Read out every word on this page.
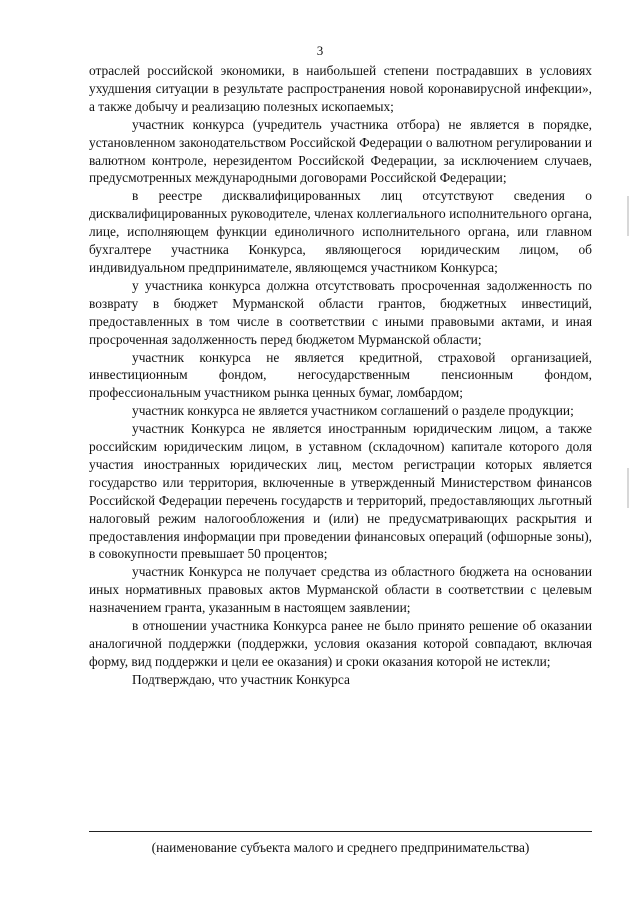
3

отраслей российской экономики, в наибольшей степени пострадавших в условиях ухудшения ситуации в результате распространения новой коронавирусной инфекции», а также добычу и реализацию полезных ископаемых;

участник конкурса (учредитель участника отбора) не является в порядке, установленном законодательством Российской Федерации о валютном регулировании и валютном контроле, нерезидентом Российской Федерации, за исключением случаев, предусмотренных международными договорами Российской Федерации;

в реестре дисквалифицированных лиц отсутствуют сведения о дисквалифицированных руководителе, членах коллегиального исполнительного органа, лице, исполняющем функции единоличного исполнительного органа, или главном бухгалтере участника Конкурса, являющегося юридическим лицом, об индивидуальном предпринимателе, являющемся участником Конкурса;

у участника конкурса должна отсутствовать просроченная задолженность по возврату в бюджет Мурманской области грантов, бюджетных инвестиций, предоставленных в том числе в соответствии с иными правовыми актами, и иная просроченная задолженность перед бюджетом Мурманской области;

участник конкурса не является кредитной, страховой организацией, инвестиционным фондом, негосударственным пенсионным фондом, профессиональным участником рынка ценных бумаг, ломбардом;

участник конкурса не является участником соглашений о разделе продукции;

участник Конкурса не является иностранным юридическим лицом, а также российским юридическим лицом, в уставном (складочном) капитале которого доля участия иностранных юридических лиц, местом регистрации которых является государство или территория, включенные в утвержденный Министерством финансов Российской Федерации перечень государств и территорий, предоставляющих льготный налоговый режим налогообложения и (или) не предусматривающих раскрытия и предоставления информации при проведении финансовых операций (офшорные зоны), в совокупности превышает 50 процентов;

участник Конкурса не получает средства из областного бюджета на основании иных нормативных правовых актов Мурманской области в соответствии с целевым назначением гранта, указанным в настоящем заявлении;

в отношении участника Конкурса ранее не было принято решение об оказании аналогичной поддержки (поддержки, условия оказания которой совпадают, включая форму, вид поддержки и цели ее оказания) и сроки оказания которой не истекли;

Подтверждаю, что участник Конкурса

(наименование субъекта малого и среднего предпринимательства)
